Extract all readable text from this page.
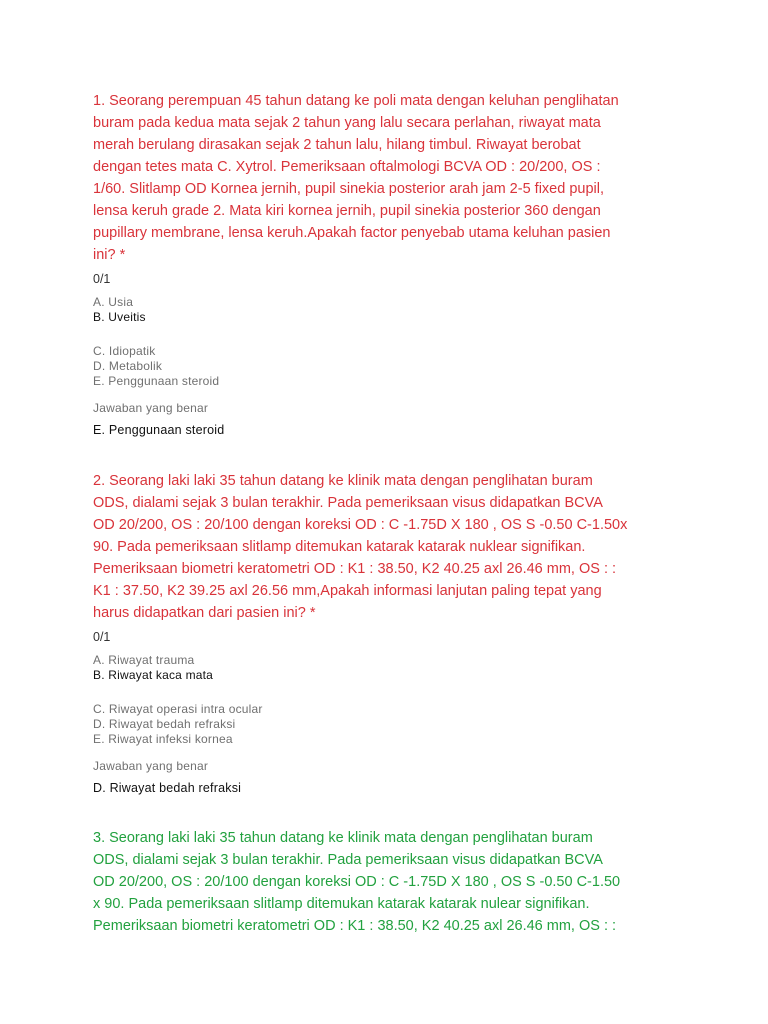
1. Seorang perempuan 45 tahun datang ke poli mata dengan keluhan penglihatan
buram pada kedua mata sejak 2 tahun yang lalu secara perlahan, riwayat mata
merah berulang dirasakan sejak 2 tahun lalu, hilang timbul. Riwayat berobat
dengan tetes mata C. Xytrol. Pemeriksaan oftalmologi BCVA OD : 20/200, OS :
1/60. Slitlamp OD Kornea jernih, pupil sinekia posterior arah jam 2-5 fixed pupil,
lensa keruh grade 2. Mata kiri kornea jernih, pupil sinekia posterior 360 dengan
pupillary membrane, lensa keruh.Apakah factor penyebab utama keluhan pasien
ini? *
0/1
A. Usia
B. Uveitis
C. Idiopatik
D. Metabolik
E. Penggunaan steroid
Jawaban yang benar
E. Penggunaan steroid
2. Seorang laki laki 35 tahun datang ke klinik mata dengan penglihatan buram
ODS, dialami sejak 3 bulan terakhir. Pada pemeriksaan visus didapatkan BCVA
OD 20/200, OS : 20/100 dengan koreksi OD : C -1.75D X 180 , OS S -0.50 C-1.50x
90. Pada pemeriksaan slitlamp ditemukan katarak katarak nuklear signifikan.
Pemeriksaan biometri keratometri OD : K1 : 38.50, K2 40.25 axl 26.46 mm, OS : :
K1 : 37.50, K2 39.25 axl 26.56 mm,Apakah informasi lanjutan paling tepat yang
harus didapatkan dari pasien ini? *
0/1
A. Riwayat trauma
B. Riwayat kaca mata
C. Riwayat operasi intra ocular
D. Riwayat bedah refraksi
E. Riwayat infeksi kornea
Jawaban yang benar
D. Riwayat bedah refraksi
3. Seorang laki laki 35 tahun datang ke klinik mata dengan penglihatan buram
ODS, dialami sejak 3 bulan terakhir. Pada pemeriksaan visus didapatkan BCVA
OD 20/200, OS : 20/100 dengan koreksi OD : C -1.75D X 180 , OS S -0.50 C-1.50
x 90. Pada pemeriksaan slitlamp ditemukan katarak katarak nulear signifikan.
Pemeriksaan biometri keratometri OD : K1 : 38.50, K2 40.25 axl 26.46 mm, OS : :
